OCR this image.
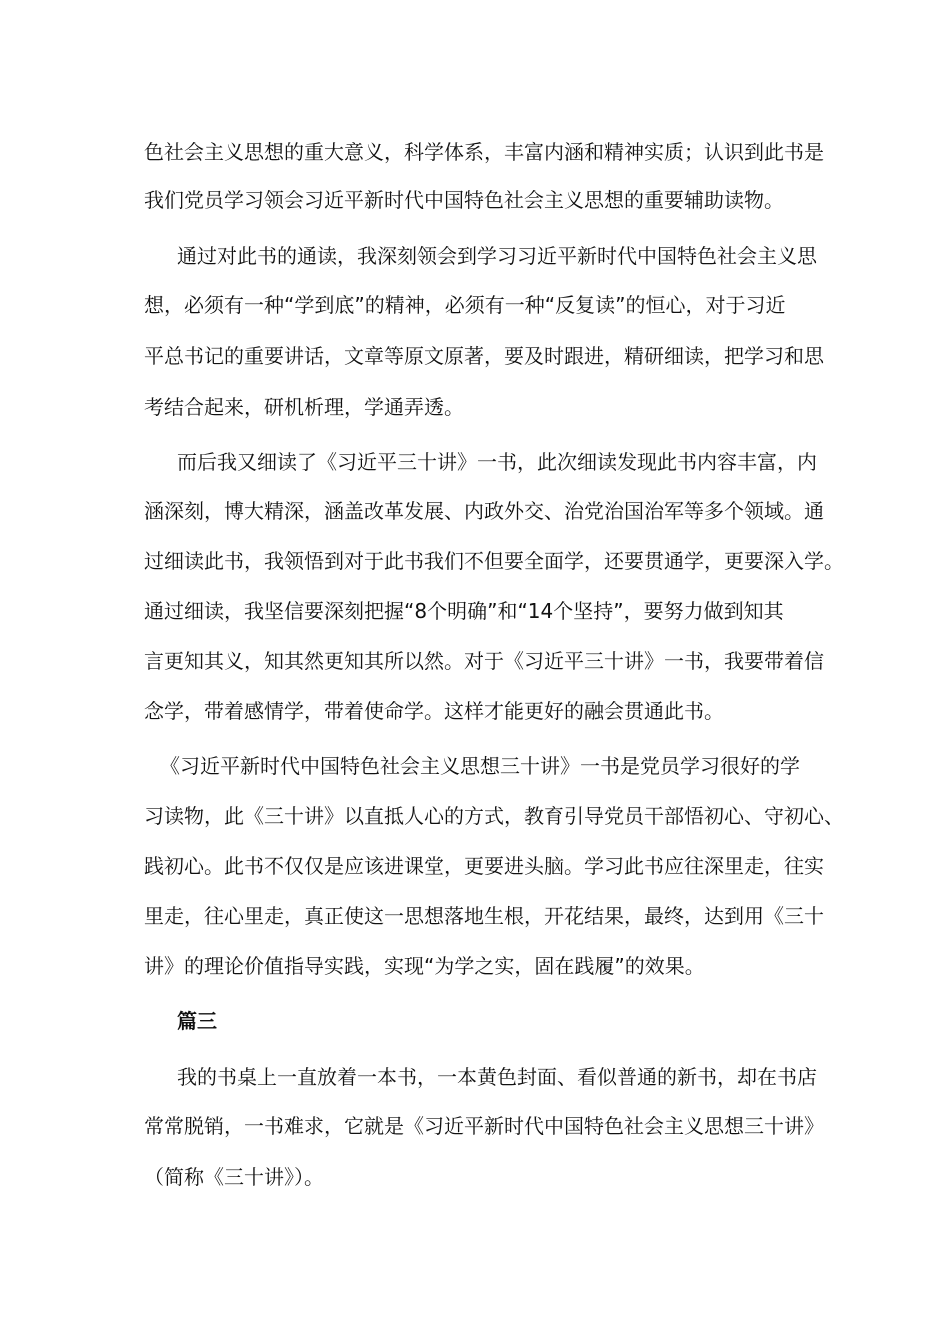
色社会主义思想的重大意义，科学体系，丰富内涵和精神实质；认识到此书是
我们党员学习领会习近平新时代中国特色社会主义思想的重要辅助读物。
通过对此书的通读，我深刻领会到学习习近平新时代中国特色社会主义思
想，必须有一种“学到底”的精神，必须有一种“反复读”的恒心，对于习近
平总书记的重要讲话，文章等原文原著，要及时跟进，精研细读，把学习和思
考结合起来，研机析理，学通弄透。
而后我又细读了《习近平三十讲》一书，此次细读发现此书内容丰富，内
涵深刻，博大精深，涵盖改革发展、内政外交、治党治国治军等多个领域。通
过细读此书，我领悟到对于此书我们不但要全面学，还要贯通学，更要深入学。
通过细读，我坚信要深刻把握“8个明确”和“14个坚持”，要努力做到知其
言更知其义，知其然更知其所以然。对于《习近平三十讲》一书，我要带着信
念学，带着感情学，带着使命学。这样才能更好的融会贯通此书。
《习近平新时代中国特色社会主义思想三十讲》一书是党员学习很好的学
习读物，此《三十讲》以直抵人心的方式，教育引导党员干部悟初心、守初心、
践初心。此书不仅仅是应该进课堂，更要进头脑。学习此书应往深里走，往实
里走，往心里走，真正使这一思想落地生根，开花结果，最终，达到用《三十
讲》的理论价值指导实践，实现“为学之实，固在践履”的效果。
篇三
我的书桌上一直放着一本书，一本黄色封面、看似普通的新书，却在书店
常常脱销，一书难求，它就是《习近平新时代中国特色社会主义思想三十讲》
（简称《三十讲》）。
